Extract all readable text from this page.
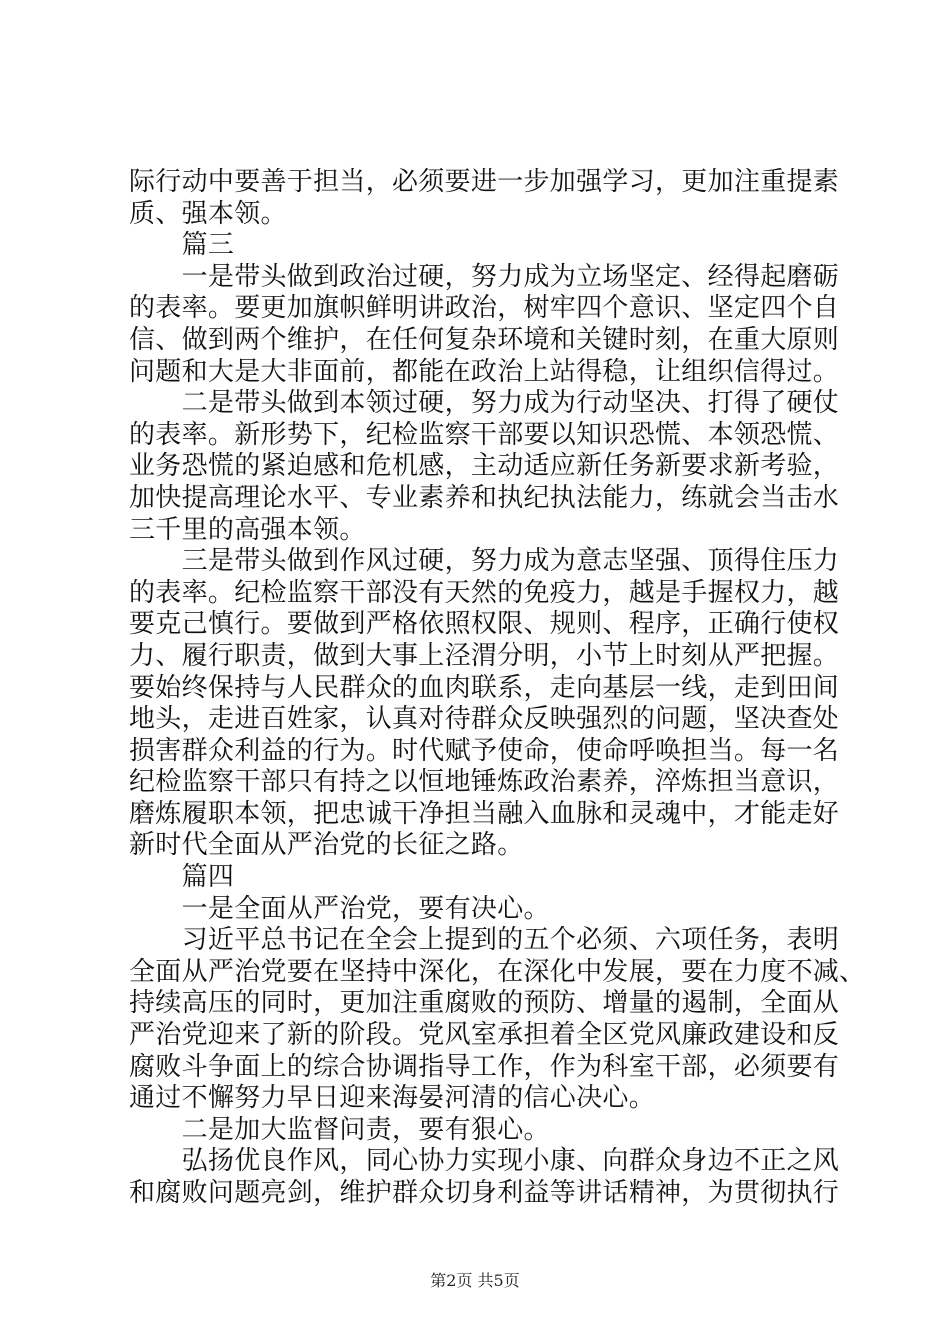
际行动中要善于担当，必须要进一步加强学习，更加注重提素
质、强本领。
　　篇三
　　一是带头做到政治过硬，努力成为立场坚定、经得起磨砺
的表率。要更加旗帜鲜明讲政治，树牢四个意识、坚定四个自
信、做到两个维护，在任何复杂环境和关键时刻，在重大原则
问题和大是大非面前，都能在政治上站得稳，让组织信得过。
　　二是带头做到本领过硬，努力成为行动坚决、打得了硬仗
的表率。新形势下，纪检监察干部要以知识恐慌、本领恐慌、
业务恐慌的紧迫感和危机感，主动适应新任务新要求新考验，
加快提高理论水平、专业素养和执纪执法能力，练就会当击水
三千里的高强本领。
　　三是带头做到作风过硬，努力成为意志坚强、顶得住压力
的表率。纪检监察干部没有天然的免疫力，越是手握权力，越
要克己慎行。要做到严格依照权限、规则、程序，正确行使权
力、履行职责，做到大事上泾渭分明，小节上时刻从严把握。
要始终保持与人民群众的血肉联系，走向基层一线，走到田间
地头，走进百姓家，认真对待群众反映强烈的问题，坚决查处
损害群众利益的行为。时代赋予使命，使命呼唤担当。每一名
纪检监察干部只有持之以恒地锤炼政治素养，淬炼担当意识，
磨炼履职本领，把忠诚干净担当融入血脉和灵魂中，才能走好
新时代全面从严治党的长征之路。
　　篇四
　　一是全面从严治党，要有决心。
　　习近平总书记在全会上提到的五个必须、六项任务，表明
全面从严治党要在坚持中深化，在深化中发展，要在力度不减、
持续高压的同时，更加注重腐败的预防、增量的遏制，全面从
严治党迎来了新的阶段。党风室承担着全区党风廉政建设和反
腐败斗争面上的综合协调指导工作，作为科室干部，必须要有
通过不懈努力早日迎来海晏河清的信心决心。
　　二是加大监督问责，要有狠心。
　　弘扬优良作风，同心协力实现小康、向群众身边不正之风
和腐败问题亮剑，维护群众切身利益等讲话精神，为贯彻执行
第2页 共5页
